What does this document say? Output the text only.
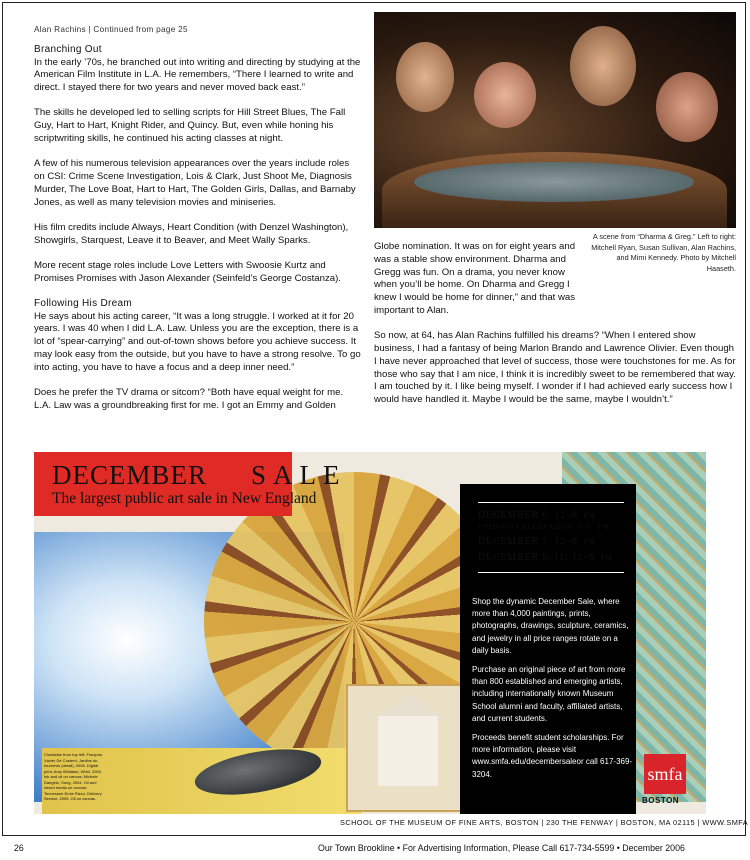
Alan Rachins | Continued from page 25
Branching Out

In the early ’70s, he branched out into writing and directing by studying at the American Film Institute in L.A. He remembers, “There I learned to write and direct. I stayed there for two years and never moved back east.”

The skills he developed led to selling scripts for Hill Street Blues, The Fall Guy, Hart to Hart, Knight Rider, and Quincy. But, even while honing his scriptwriting skills, he continued his acting classes at night.

A few of his numerous television appearances over the years include roles on CSI: Crime Scene Investigation, Lois & Clark, Just Shoot Me, Diagnosis Murder, The Love Boat, Hart to Hart, The Golden Girls, Dallas, and Barnaby Jones, as well as many television movies and miniseries.

His film credits include Always, Heart Condition (with Denzel Washington), Showgirls, Starquest, Leave it to Beaver, and Meet Wally Sparks.

More recent stage roles include Love Letters with Swoosie Kurtz and Promises Promises with Jason Alexander (Seinfeld’s George Costanza).

Following His Dream

He says about his acting career, “It was a long struggle. I worked at it for 20 years. I was 40 when I did L.A. Law. Unless you are the exception, there is a lot of “spear-carrying” and out-of-town shows before you achieve success. It may look easy from the outside, but you have to have a strong resolve. To go into acting, you have to have a focus and a deep inner need.”

Does he prefer the TV drama or sitcom? “Both have equal weight for me. L.A. Law was a groundbreaking first for me. I got an Emmy and Golden

A scene from “Dharma & Greg.” Left to right: Mitchell Ryan, Susan Sullivan, Alan Rachins, and Mimi Kennedy. Photo by Mitchell Haaseth.

Globe nomination. It was on for eight years and was a stable show environment. Dharma and Gregg was fun. On a drama, you never know when you’ll be home. On Dharma and Gregg I knew I would be home for dinner,” and that was important to Alan.

So now, at 64, has Alan Rachins fulfilled his dreams? “When I entered show business, I had a fantasy of being Marlon Brando and Lawrence Olivier. Even though I have never approached that level of success, those were touchstones for me. As for those who say that I am nice, I think it is incredibly sweet to be remembered that way. I am touched by it. I like being myself. I wonder if I had achieved early success how I would have handled it. Maybe I would be the same, maybe I wouldn’t.”

Clockwise from top left: François-Xavier De Costerd, Jardins du tournevis (detail), 2006. Digital print; Amy Whitaker, Whirl, 2003. Ink and oil on canvas; Michele Dangelo, Song, 2004. Oil and mixed media on canvas; Tennessee Ernie Rizzo, Delivery Service, 2005. Oil on canvas.
DECEMBER SALE
The largest public art sale in New England
DECEMBER 6, 12–8 PM
OPENING CELEBRATION: 5–8 PM
DECEMBER 7, 12–8 PM
DECEMBER 8–11, 12–6 PM

Shop the dynamic December Sale, where more than 4,000 paintings, prints, photographs, drawings, sculpture, ceramics, and jewelry in all price ranges rotate on a daily basis.

Purchase an original piece of art from more than 800 established and emerging artists, including internationally known Museum School alumni and faculty, affiliated artists, and current students.

Proceeds benefit student scholarships. For more information, please visit www.smfa.edu/decembersaleor call 617-369-3204.	smfa
BOSTON
SCHOOL OF THE MUSEUM OF FINE ARTS, BOSTON | 230 THE FENWAY | BOSTON, MA 02115 | WWW.SMFA
26	Our Town Brookline • For Advertising Information, Please Call 617-734-5599 • December 2006
